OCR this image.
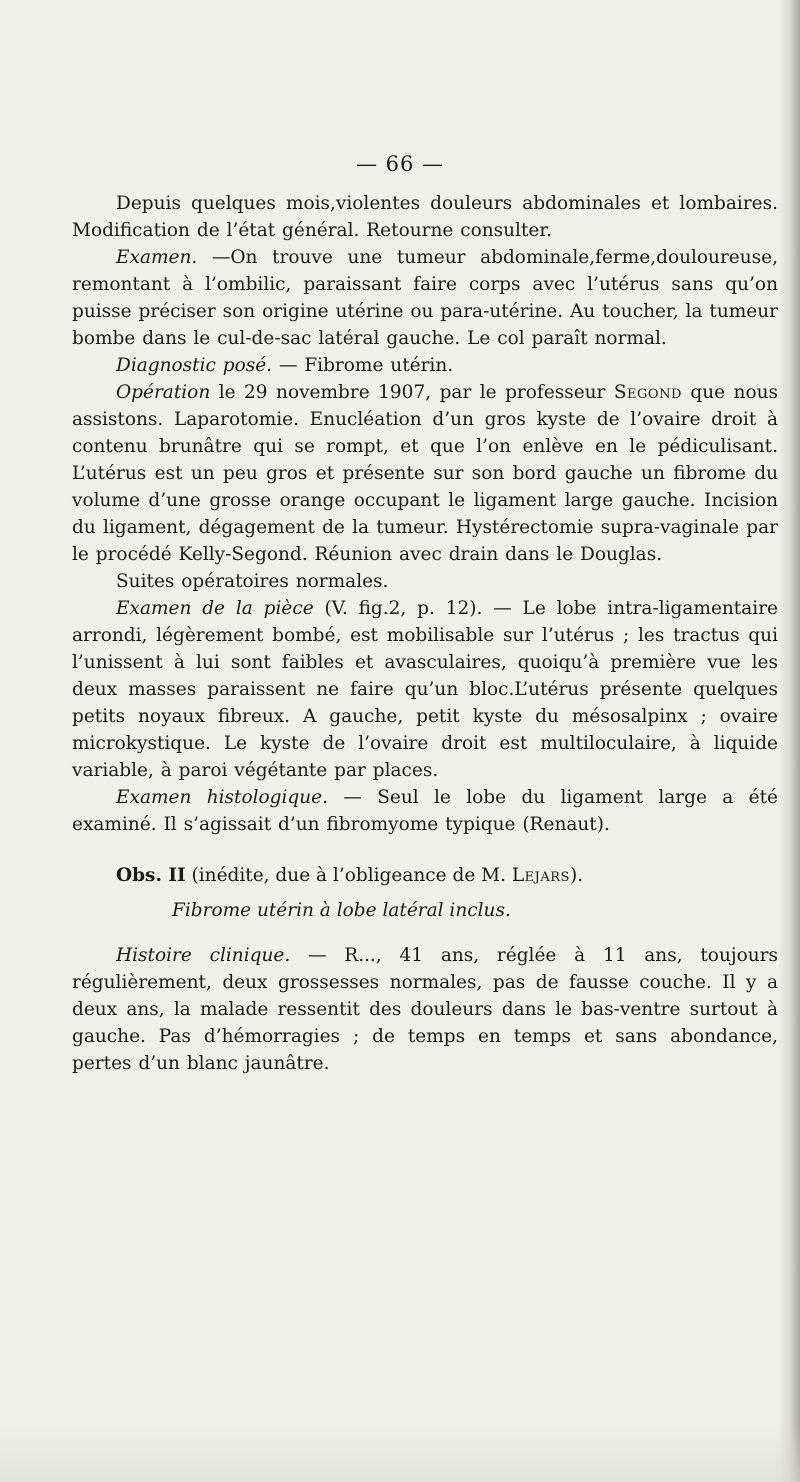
— 66 —

Depuis quelques mois,violentes douleurs abdominales et lombaires. Modification de l’état général. Retourne consulter.

Examen. —On trouve une tumeur abdominale,ferme,douloureuse, remontant à l’ombilic, paraissant faire corps avec l’utérus sans qu’on puisse préciser son origine utérine ou para-utérine. Au toucher, la tumeur bombe dans le cul-de-sac latéral gauche. Le col paraît normal.

Diagnostic posé. — Fibrome utérin.

Opération le 29 novembre 1907, par le professeur Segond que nous assistons. Laparotomie. Enucléation d’un gros kyste de l’ovaire droit à contenu brunâtre qui se rompt, et que l’on enlève en le pédiculisant. L’utérus est un peu gros et présente sur son bord gauche un fibrome du volume d’une grosse orange occupant le ligament large gauche. Incision du ligament, dégagement de la tumeur. Hystérectomie supra-vaginale par le procédé Kelly-Segond. Réunion avec drain dans le Douglas.

Suites opératoires normales.

Examen de la pièce (V. fig.2, p. 12). — Le lobe intra-ligamentaire arrondi, légèrement bombé, est mobilisable sur l’utérus ; les tractus qui l’unissent à lui sont faibles et avasculaires, quoiqu’à première vue les deux masses paraissent ne faire qu’un bloc.L’utérus présente quelques petits noyaux fibreux. A gauche, petit kyste du mésosalpinx ; ovaire microkystique. Le kyste de l’ovaire droit est multiloculaire, à liquide variable, à paroi végétante par places.

Examen histologique. — Seul le lobe du ligament large a été examiné. Il s’agissait d’un fibromyome typique (Renaut).

Obs. II (inédite, due à l’obligeance de M. Lejars).

Fibrome utérin à lobe latéral inclus.

Histoire clinique. — R..., 41 ans, réglée à 11 ans, toujours régulièrement, deux grossesses normales, pas de fausse couche. Il y a deux ans, la malade ressentit des douleurs dans le bas-ventre surtout à gauche. Pas d’hémorragies ; de temps en temps et sans abondance, pertes d’un blanc jaunâtre.
